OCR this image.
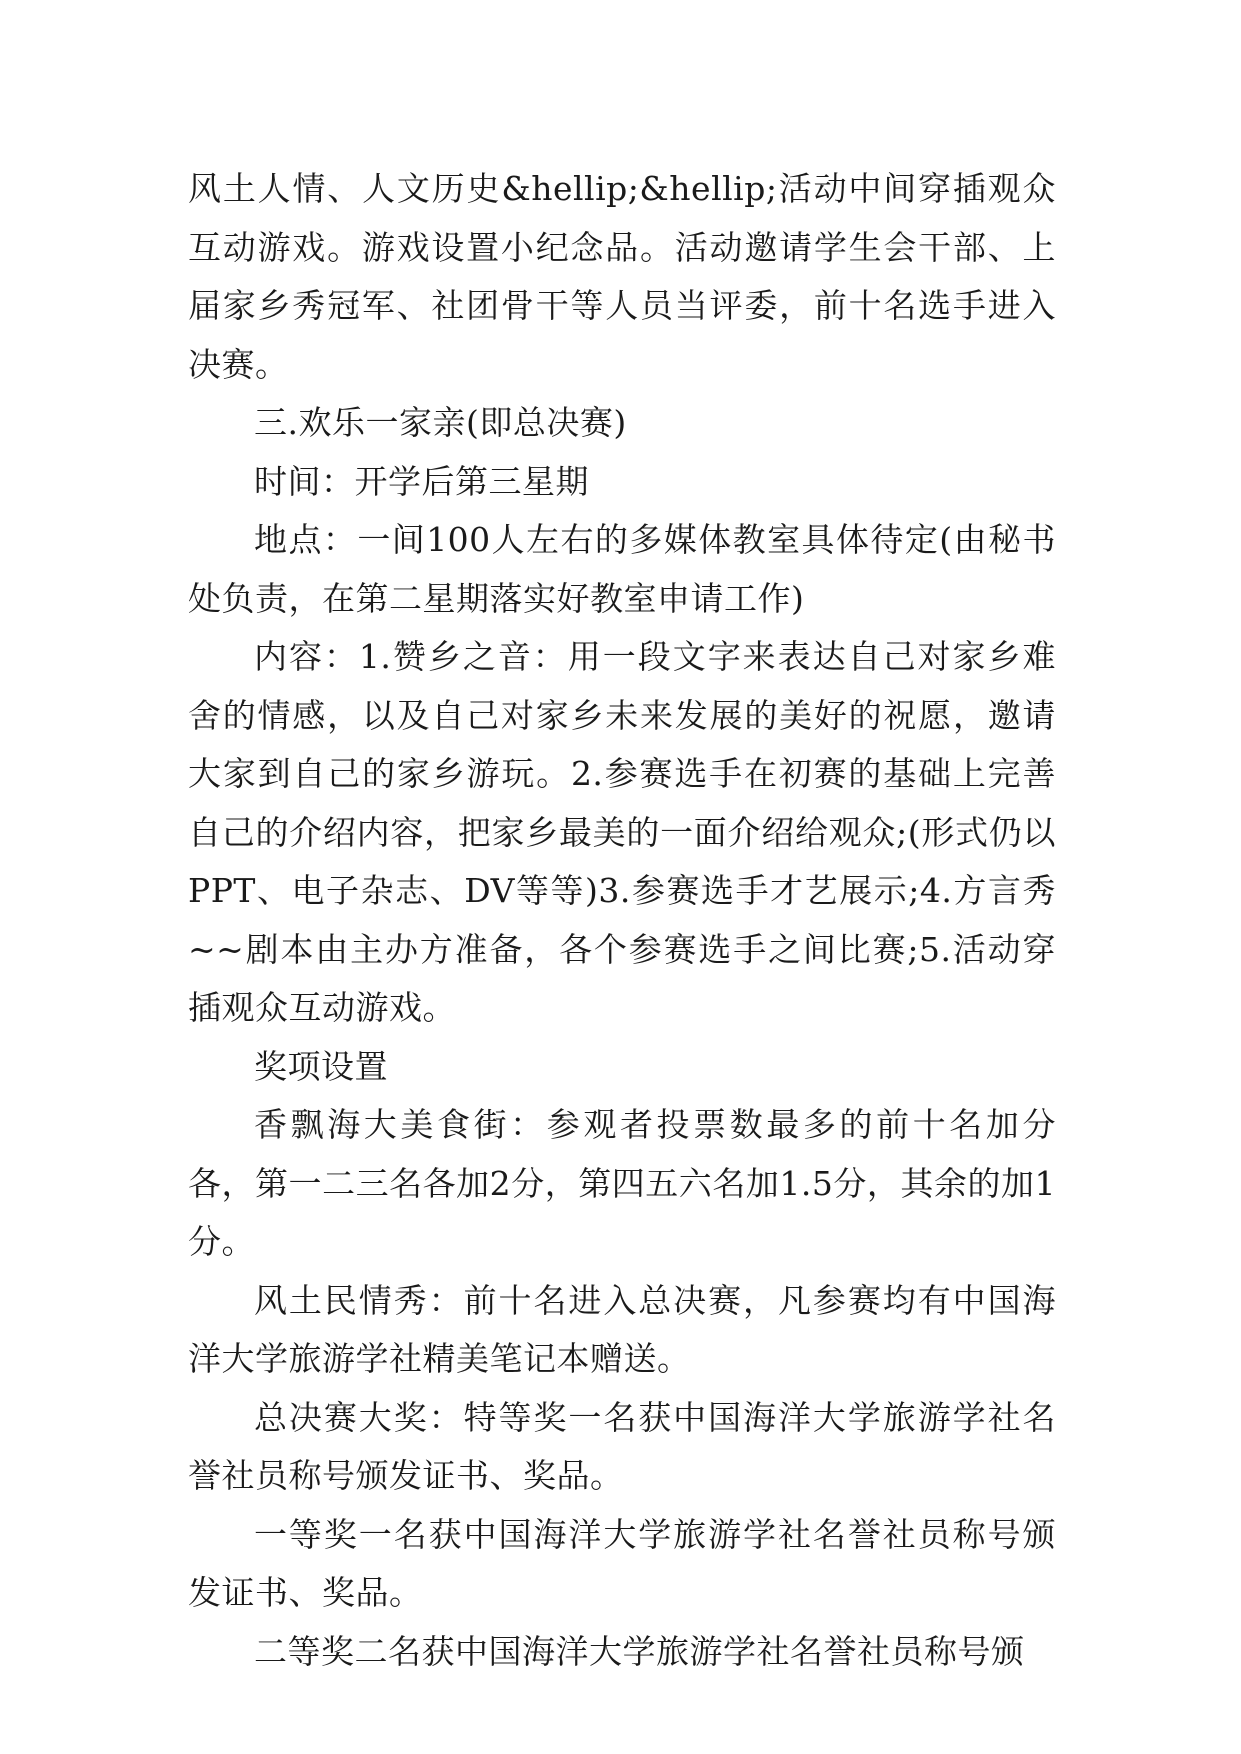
风土人情、人文历史&hellip;&hellip;活动中间穿插观众互动游戏。游戏设置小纪念品。活动邀请学生会干部、上届家乡秀冠军、社团骨干等人员当评委，前十名选手进入决赛。

三.欢乐一家亲(即总决赛)

时间：开学后第三星期

地点：一间100人左右的多媒体教室具体待定(由秘书处负责，在第二星期落实好教室申请工作)

内容：1.赞乡之音：用一段文字来表达自己对家乡难舍的情感，以及自己对家乡未来发展的美好的祝愿，邀请大家到自己的家乡游玩。2.参赛选手在初赛的基础上完善自己的介绍内容，把家乡最美的一面介绍给观众;(形式仍以PPT、电子杂志、DV等等)3.参赛选手才艺展示;4.方言秀~~剧本由主办方准备，各个参赛选手之间比赛;5.活动穿插观众互动游戏。

奖项设置

香飘海大美食街：参观者投票数最多的前十名加分各，第一二三名各加2分，第四五六名加1.5分，其余的加1分。

风土民情秀：前十名进入总决赛，凡参赛均有中国海洋大学旅游学社精美笔记本赠送。

总决赛大奖：特等奖一名获中国海洋大学旅游学社名誉社员称号颁发证书、奖品。

一等奖一名获中国海洋大学旅游学社名誉社员称号颁发证书、奖品。

二等奖二名获中国海洋大学旅游学社名誉社员称号颁
